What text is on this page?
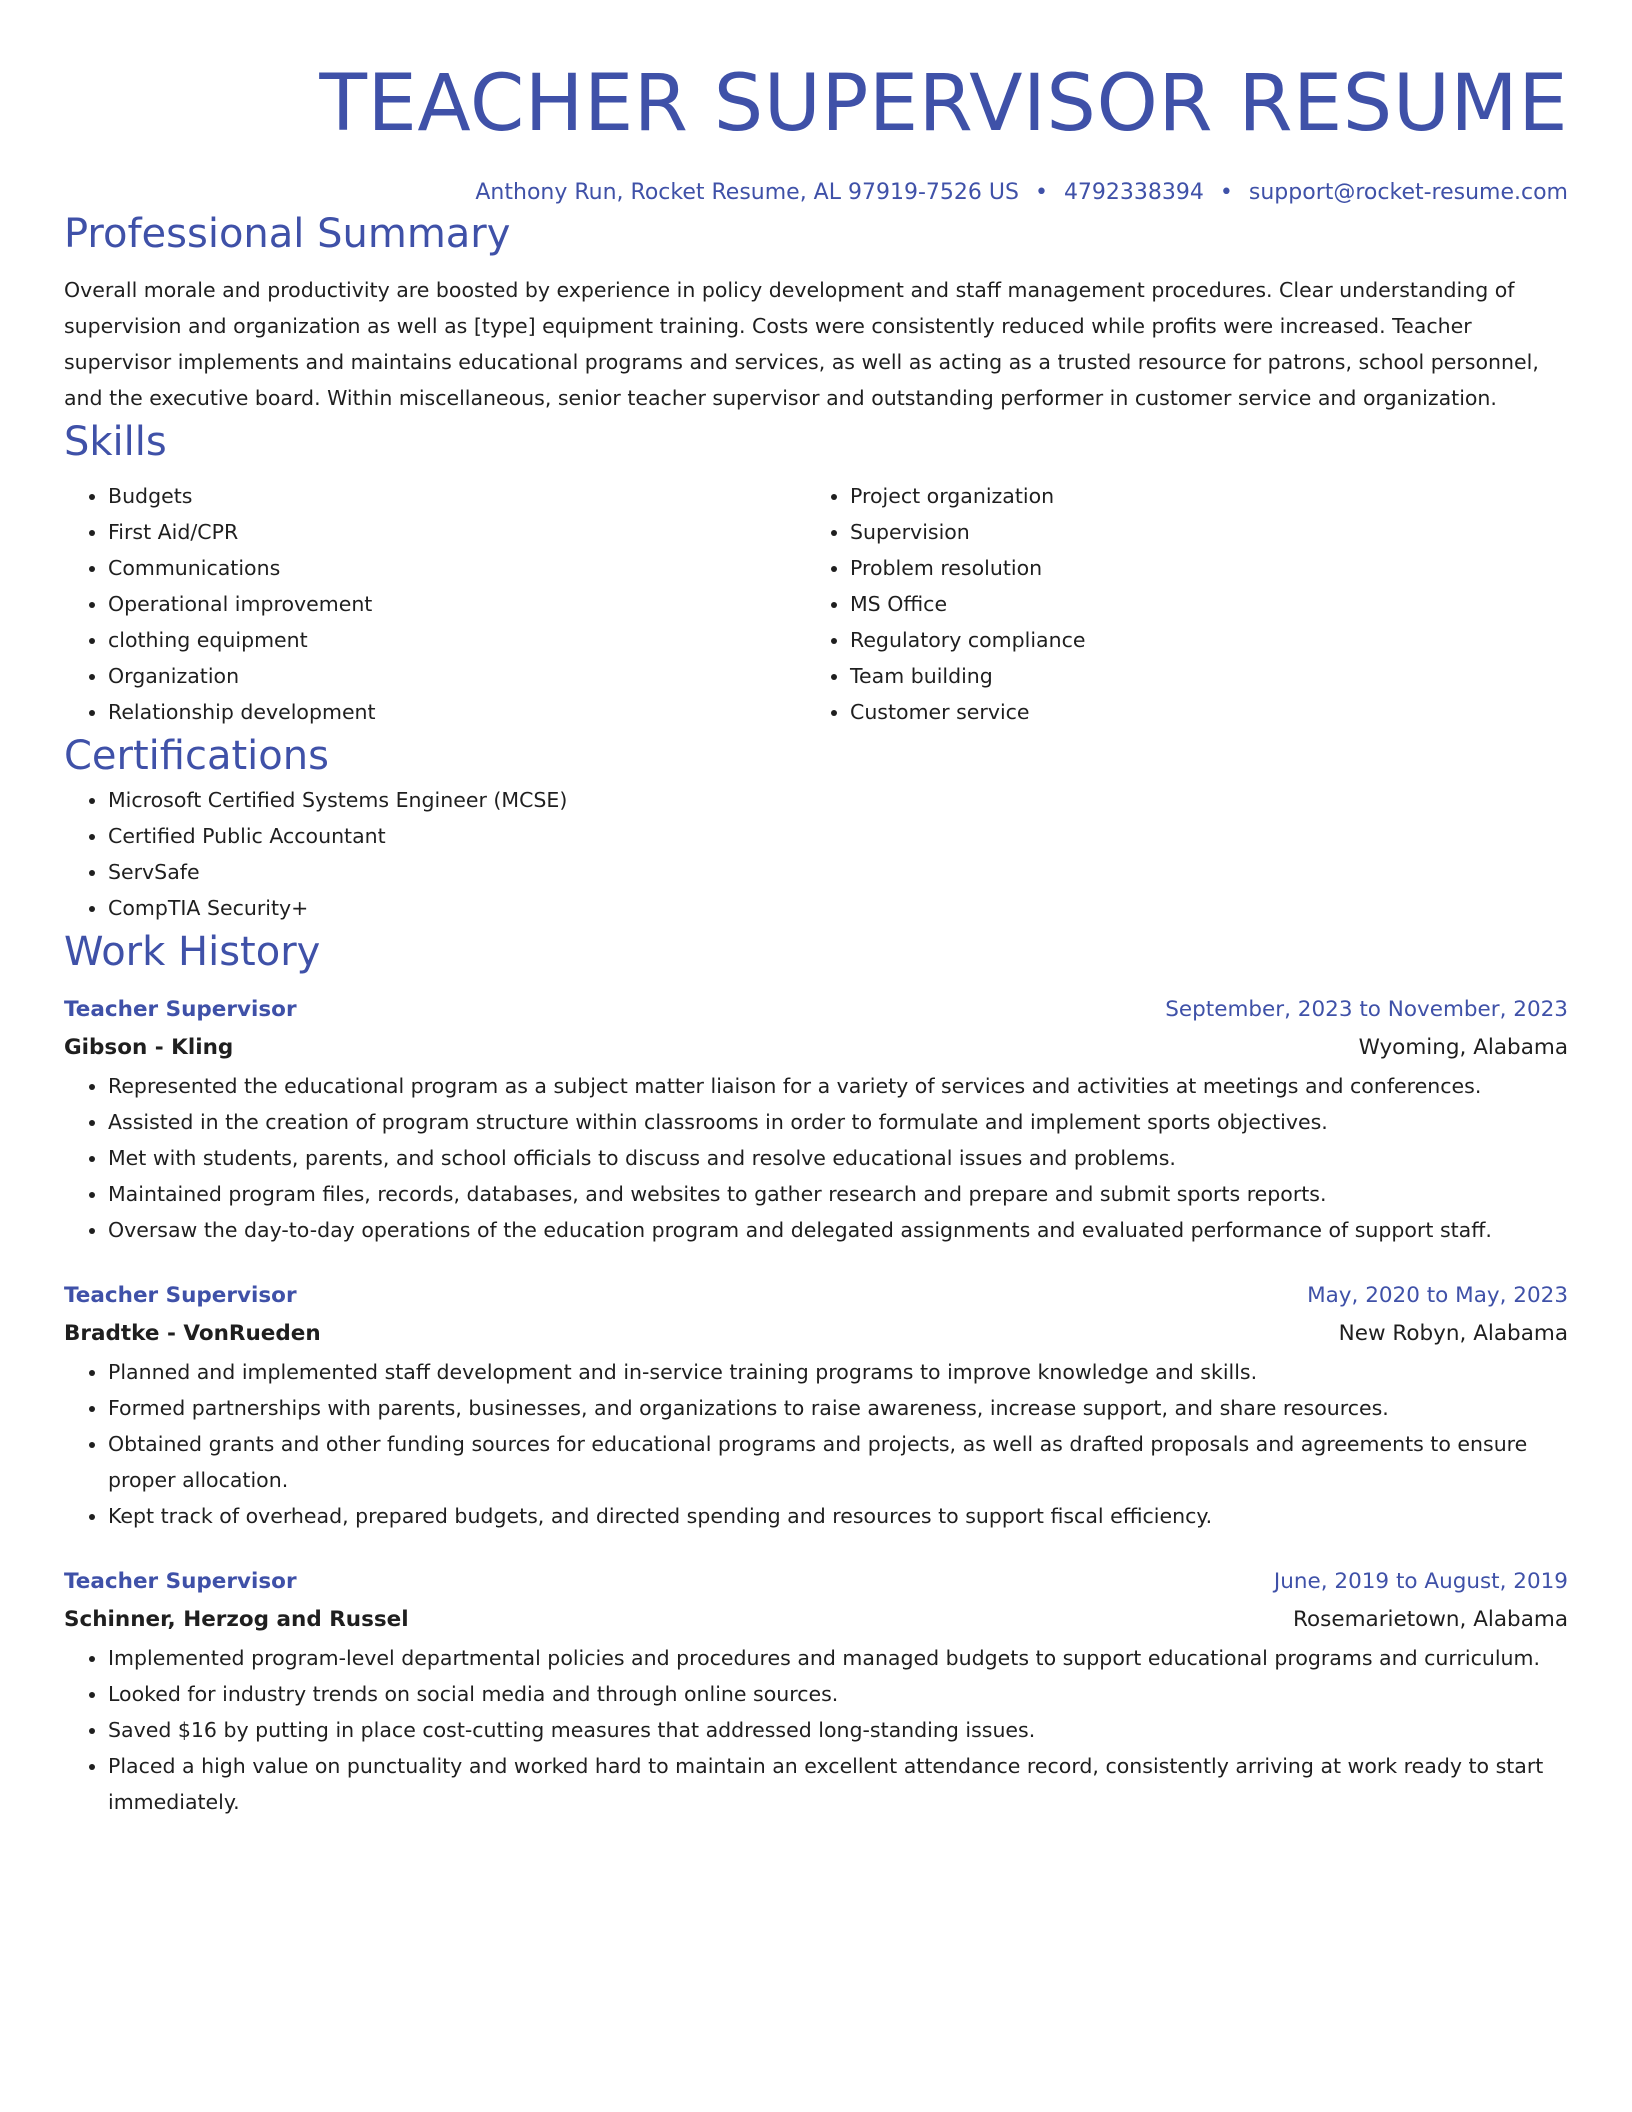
TEACHER SUPERVISOR RESUME
Anthony Run, Rocket Resume, AL 97919-7526 US • 4792338394 • support@rocket-resume.com
Professional Summary

Overall morale and productivity are boosted by experience in policy development and staff management procedures. Clear understanding of supervision and organization as well as [type] equipment training. Costs were consistently reduced while profits were increased. Teacher supervisor implements and maintains educational programs and services, as well as acting as a trusted resource for patrons, school personnel, and the executive board. Within miscellaneous, senior teacher supervisor and outstanding performer in customer service and organization.

Skills
• Budgets
• First Aid/CPR
• Communications
• Operational improvement
• clothing equipment
• Organization
• Relationship development
• Project organization
• Supervision
• Problem resolution
• MS Office
• Regulatory compliance
• Team building
• Customer service
Certifications
• Microsoft Certified Systems Engineer (MCSE)
• Certified Public Accountant
• ServSafe
• CompTIA Security+
Work History
Teacher Supervisor	September, 2023 to November, 2023
Gibson - Kling	Wyoming, Alabama
• Represented the educational program as a subject matter liaison for a variety of services and activities at meetings and conferences.
• Assisted in the creation of program structure within classrooms in order to formulate and implement sports objectives.
• Met with students, parents, and school officials to discuss and resolve educational issues and problems.
• Maintained program files, records, databases, and websites to gather research and prepare and submit sports reports.
• Oversaw the day-to-day operations of the education program and delegated assignments and evaluated performance of support staff.
Teacher Supervisor	May, 2020 to May, 2023
Bradtke - VonRueden	New Robyn, Alabama
• Planned and implemented staff development and in-service training programs to improve knowledge and skills.
• Formed partnerships with parents, businesses, and organizations to raise awareness, increase support, and share resources.
• Obtained grants and other funding sources for educational programs and projects, as well as drafted proposals and agreements to ensure proper allocation.
• Kept track of overhead, prepared budgets, and directed spending and resources to support fiscal efficiency.
Teacher Supervisor	June, 2019 to August, 2019
Schinner, Herzog and Russel	Rosemarietown, Alabama
• Implemented program-level departmental policies and procedures and managed budgets to support educational programs and curriculum.
• Looked for industry trends on social media and through online sources.
• Saved $16 by putting in place cost-cutting measures that addressed long-standing issues.
• Placed a high value on punctuality and worked hard to maintain an excellent attendance record, consistently arriving at work ready to start immediately.
